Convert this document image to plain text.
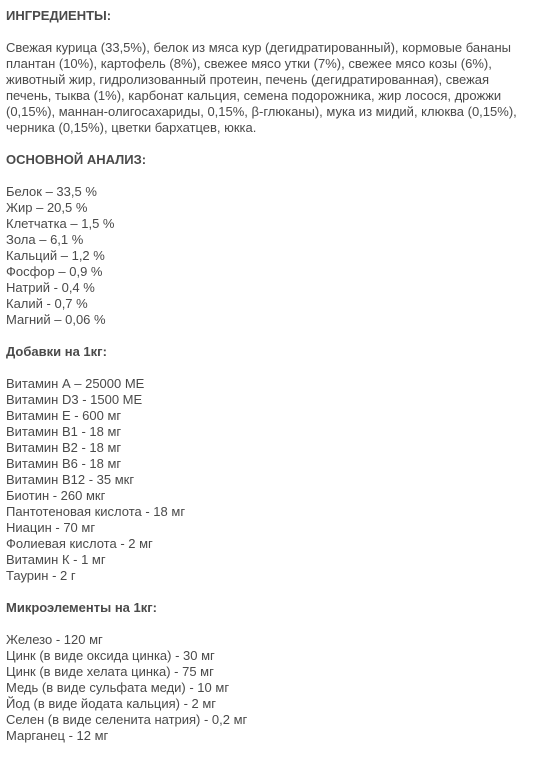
ИНГРЕДИЕНТЫ:

Свежая курица (33,5%), белок из мяса кур (дегидратированный), кормовые бананы плантан (10%), картофель (8%), свежее мясо утки (7%), свежее мясо козы (6%), животный жир, гидролизованный протеин, печень (дегидратированная), свежая печень, тыква (1%), карбонат кальция, семена подорожника, жир лосося, дрожжи (0,15%), маннан-олигосахариды, 0,15%, β-глюканы), мука из мидий, клюква (0,15%), черника (0,15%), цветки бархатцев, юкка.

ОСНОВНОЙ АНАЛИЗ:
Белок – 33,5 %
Жир – 20,5 %
Клетчатка – 1,5 %
Зола – 6,1 %
Кальций – 1,2 %
Фосфор – 0,9 %
Натрий - 0,4 %
Калий - 0,7 %
Магний – 0,06 %
Добавки на 1кг:
Витамин А – 25000 МЕ
Витамин D3 - 1500 МЕ
Витамин Е - 600 мг
Витамин В1 - 18 мг
Витамин В2 - 18 мг
Витамин В6 - 18 мг
Витамин В12 - 35 мкг
Биотин - 260 мкг
Пантотеновая кислота - 18 мг
Ниацин - 70 мг
Фолиевая кислота - 2 мг
Витамин К - 1 мг
Таурин - 2 г
Микроэлементы на 1кг:
Железо - 120 мг
Цинк (в виде оксида цинка) - 30 мг
Цинк (в виде хелата цинка) - 75 мг
Медь (в виде сульфата меди) - 10 мг
Йод (в виде йодата кальция) - 2 мг
Селен (в виде селенита натрия) - 0,2 мг
Марганец - 12 мг
